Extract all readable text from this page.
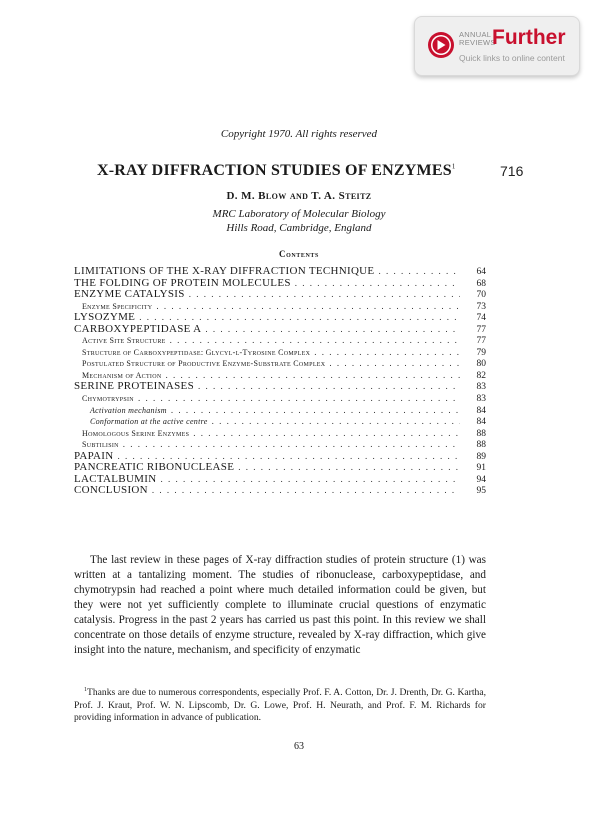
ANNUAL
REVIEWS
Further
Quick links to online content
Copyright 1970. All rights reserved
X-RAY DIFFRACTION STUDIES OF ENZYMES$^1$	716
D. M. Blow and T. A. Steitz
MRC Laboratory of Molecular Biology
Hills Road, Cambridge, England
Contents
LIMITATIONS OF THE X-RAY DIFFRACTION TECHNIQUE . . .	64
THE FOLDING OF PROTEIN MOLECULES . . .	68
ENZYME CATALYSIS . . .	70
Enzyme Specificity . . .	73
LYSOZYME . . .	74
CARBOXYPEPTIDASE A . . .	77
Active Site Structure . . .	77
Structure of Carboxypeptidase: Glycyl-l-Tyrosine Complex . . .	79
Postulated Structure of Productive Enzyme-Substrate Complex . . .	80
Mechanism of Action . . .	82
SERINE PROTEINASES . . .	83
Chymotrypsin . . .	83
Activation mechanism . . .	84
Conformation at the active centre . . .	84
Homologous Serine Enzymes . . .	88
Subtilisin . . .	88
PAPAIN . . .	89
PANCREATIC RIBONUCLEASE . . .	91
LACTALBUMIN . . .	94
CONCLUSION . . .	95

The last review in these pages of X-ray diffraction studies of protein structure (1) was written at a tantalizing moment. The studies of ribonuclease, carboxypeptidase, and chymotrypsin had reached a point where much detailed information could be given, but they were not yet sufficiently complete to illuminate crucial questions of enzymatic catalysis. Progress in the past 2 years has carried us past this point. In this review we shall concentrate on those details of enzyme structure, revealed by X-ray diffraction, which give insight into the nature, mechanism, and specificity of enzymatic

$^1$Thanks are due to numerous correspondents, especially Prof. F. A. Cotton, Dr. J. Drenth, Dr. G. Kartha, Prof. J. Kraut, Prof. W. N. Lipscomb, Dr. G. Lowe, Prof. H. Neurath, and Prof. F. M. Richards for providing information in advance of publication.

63
